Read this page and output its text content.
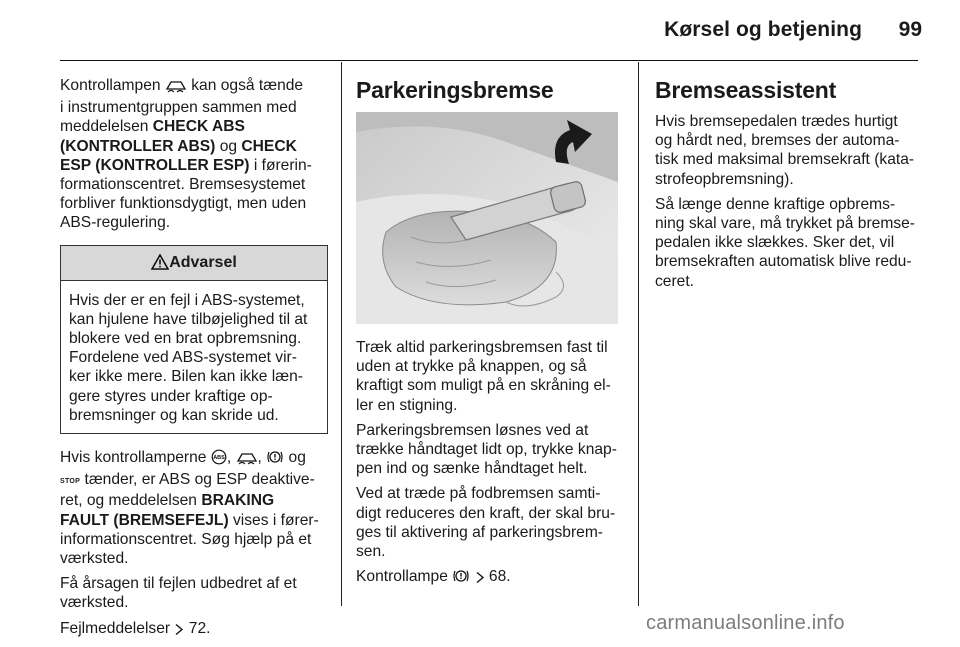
Kørsel og betjening 99

Kontrollampen kan også tænde
i instrumentgruppen sammen med
meddelelsen CHECK ABS
(KONTROLLER ABS) og CHECK
ESP (KONTROLLER ESP) i førerin-
formationscentret. Bremsesystemet
forbliver funktionsdygtigt, men uden
ABS-regulering.

Advarsel
Hvis der er en fejl i ABS-systemet,
kan hjulene have tilbøjelighed til at
blokere ved en brat opbremsning.
Fordelene ved ABS-systemet vir-
ker ikke mere. Bilen kan ikke læn-
gere styres under kraftige op-
bremsninger og kan skride ud.

Hvis kontrollamperne ABS , , og
STOP tænder, er ABS og ESP deaktive-
ret, og meddelelsen BRAKING
FAULT (BREMSEFEJL) vises i fører-
informationscentret. Søg hjælp på et
værksted.

Få årsagen til fejlen udbedret af et
værksted.

Fejlmeddelelser 72.

Parkeringsbremse

Træk altid parkeringsbremsen fast til
uden at trykke på knappen, og så
kraftigt som muligt på en skråning el-
ler en stigning.

Parkeringsbremsen løsnes ved at
trække håndtaget lidt op, trykke knap-
pen ind og sænke håndtaget helt.

Ved at træde på fodbremsen samti-
digt reduceres den kraft, der skal bru-
ges til aktivering af parkeringsbrem-
sen.

Kontrollampe	68.

Bremseassistent

Hvis bremsepedalen trædes hurtigt
og hårdt ned, bremses der automa-
tisk med maksimal bremsekraft (kata-
strofeopbremsning).

Så længe denne kraftige opbrems-
ning skal vare, må trykket på bremse-
pedalen ikke slækkes. Sker det, vil
bremsekraften automatisk blive redu-
ceret.

carmanualsonline.info
